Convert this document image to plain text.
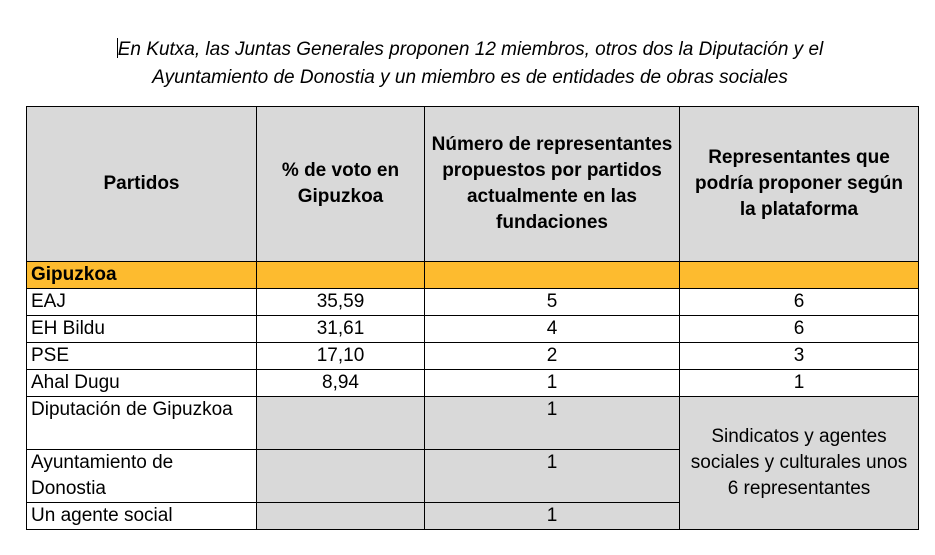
En Kutxa, las Juntas Generales proponen 12 miembros, otros dos la Diputación y el
Ayuntamiento de Donostia y un miembro es de entidades de obras sociales
Partidos	% de voto en Gipuzkoa	Número de representantes propuestos por partidos actualmente en las fundaciones	Representantes que podría proponer según la plataforma
Gipuzkoa			
EAJ	35,59	5	6
EH Bildu	31,61	4	6
PSE	17,10	2	3
Ahal Dugu	8,94	1	1
Diputación de Gipuzkoa		1	Sindicatos y agentes sociales y culturales unos 6 representantes
Ayuntamiento de Donostia		1	
Un agente social		1	
